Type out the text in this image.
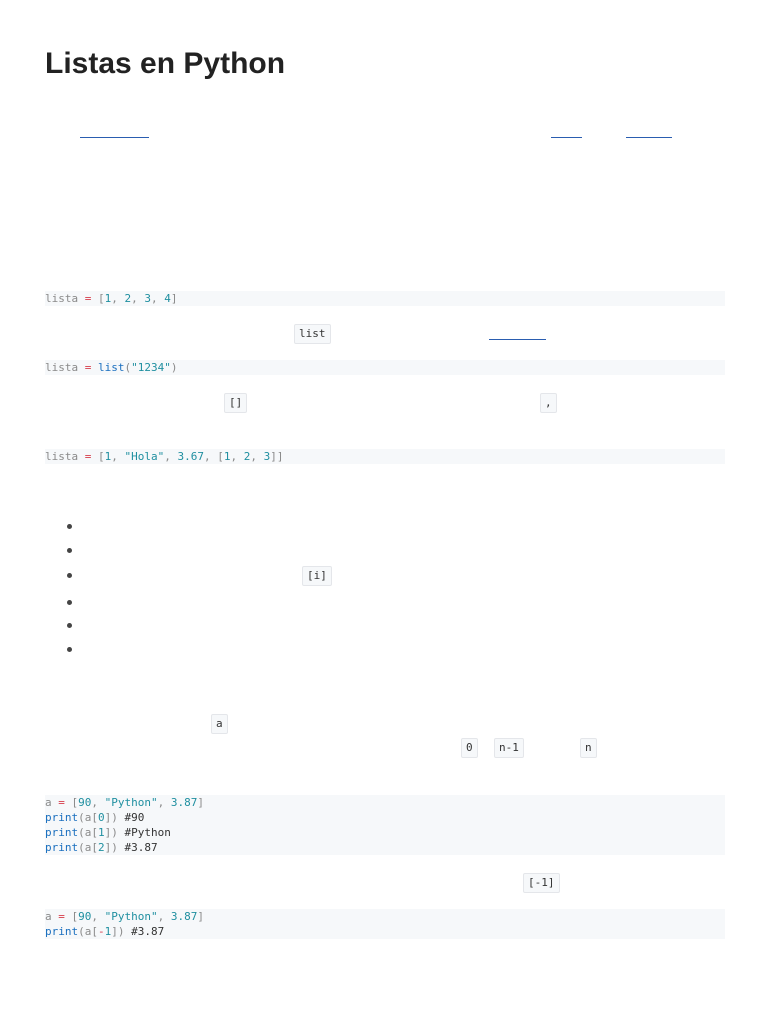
Listas en Python
lista = [1, 2, 3, 4]
list
lista = list("1234")
[]	,
lista = [1, "Hola", 3.67, [1, 2, 3]]
[i]
a
0	n-1	n
a = [90, "Python", 3.87]
print(a[0]) #90
print(a[1]) #Python
print(a[2]) #3.87
[-1]
a = [90, "Python", 3.87]
print(a[-1]) #3.87
